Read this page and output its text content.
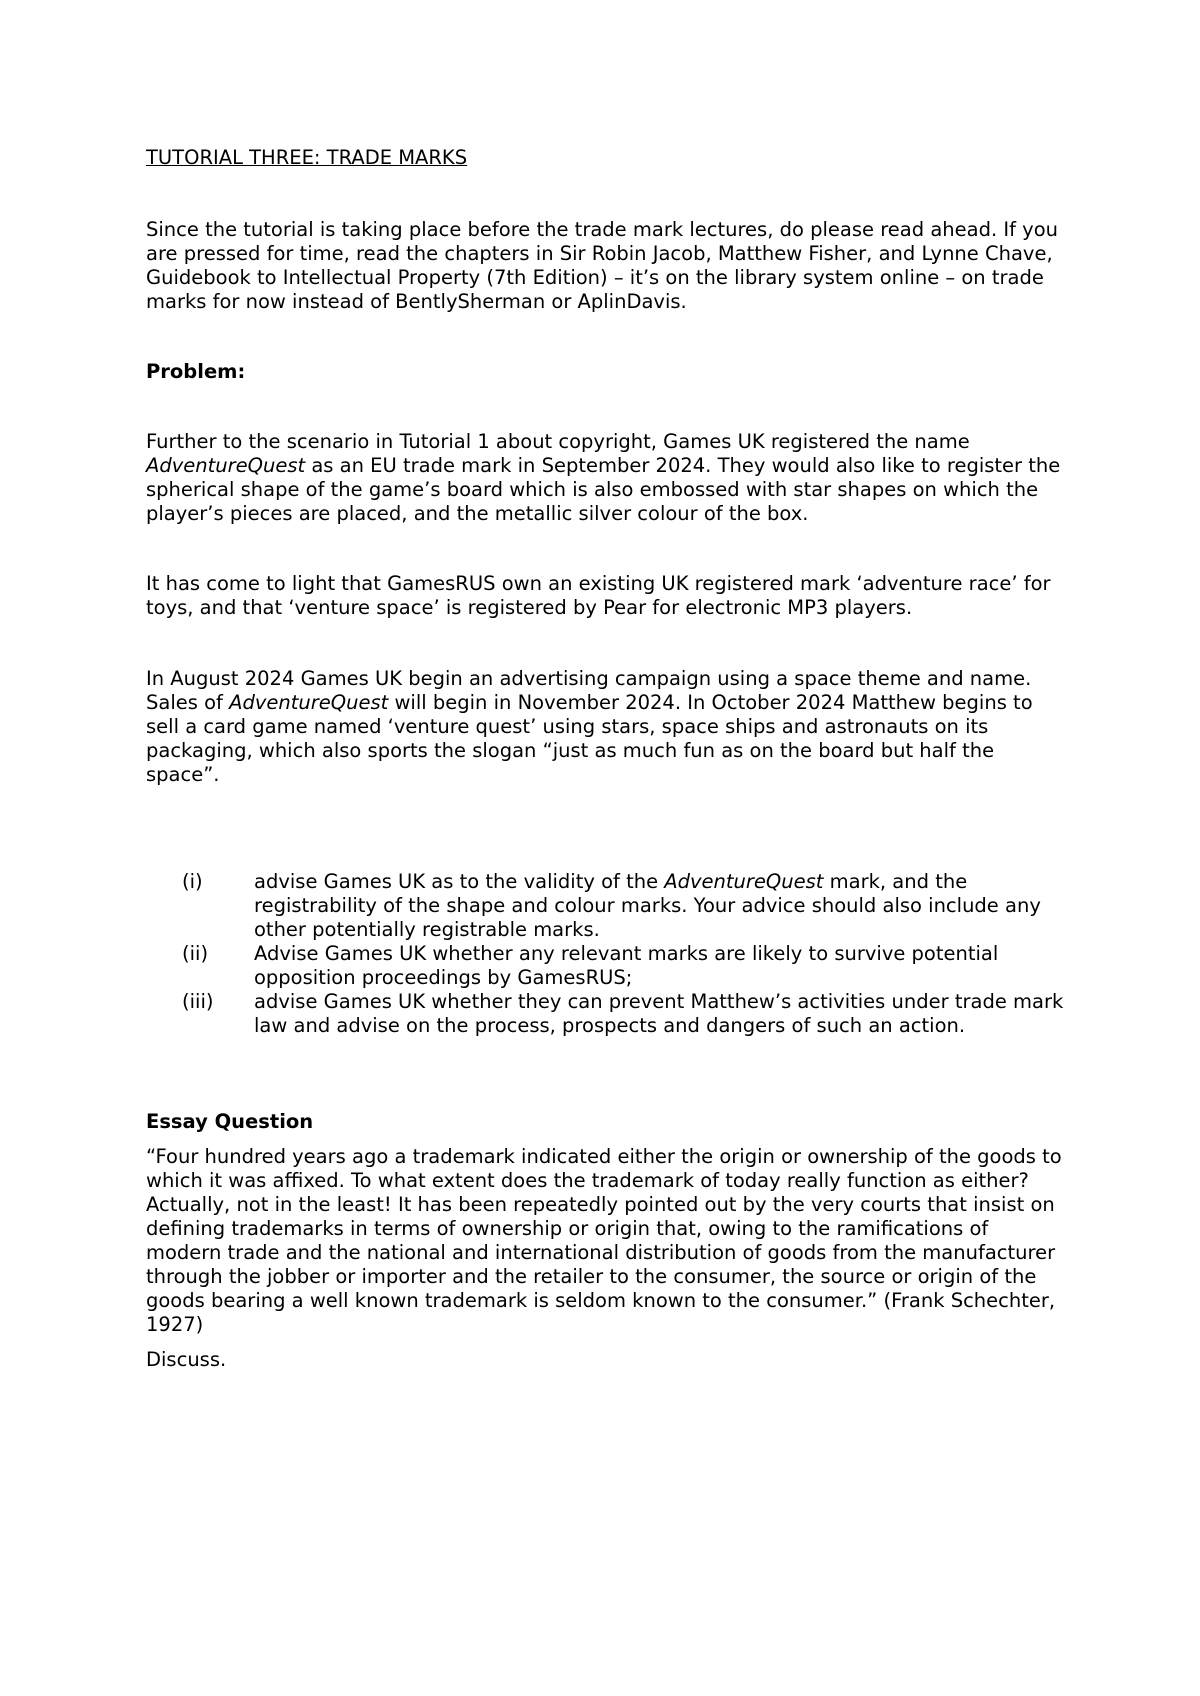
TUTORIAL THREE: TRADE MARKS

Since the tutorial is taking place before the trade mark lectures, do please read ahead. If you are pressed for time, read the chapters in Sir Robin Jacob, Matthew Fisher, and Lynne Chave, Guidebook to Intellectual Property (7th Edition) – it’s on the library system online – on trade marks for now instead of BentlySherman or AplinDavis.

Problem:

Further to the scenario in Tutorial 1 about copyright, Games UK registered the name AdventureQuest as an EU trade mark in September 2024. They would also like to register the spherical shape of the game’s board which is also embossed with star shapes on which the player’s pieces are placed, and the metallic silver colour of the box.

It has come to light that GamesRUS own an existing UK registered mark ‘adventure race’ for toys, and that ‘venture space’ is registered by Pear for electronic MP3 players.

In August 2024 Games UK begin an advertising campaign using a space theme and name. Sales of AdventureQuest will begin in November 2024. In October 2024 Matthew begins to sell a card game named ‘venture quest’ using stars, space ships and astronauts on its packaging, which also sports the slogan “just as much fun as on the board but half the space”.

(i)	advise Games UK as to the validity of the AdventureQuest mark, and the registrability of the shape and colour marks. Your advice should also include any other potentially registrable marks.
(ii)	Advise Games UK whether any relevant marks are likely to survive potential opposition proceedings by GamesRUS;
(iii)	advise Games UK whether they can prevent Matthew’s activities under trade mark law and advise on the process, prospects and dangers of such an action.

Essay Question

“Four hundred years ago a trademark indicated either the origin or ownership of the goods to which it was affixed. To what extent does the trademark of today really function as either? Actually, not in the least! It has been repeatedly pointed out by the very courts that insist on defining trademarks in terms of ownership or origin that, owing to the ramifications of modern trade and the national and international distribution of goods from the manufacturer through the jobber or importer and the retailer to the consumer, the source or origin of the goods bearing a well known trademark is seldom known to the consumer.” (Frank Schechter, 1927)

Discuss.
